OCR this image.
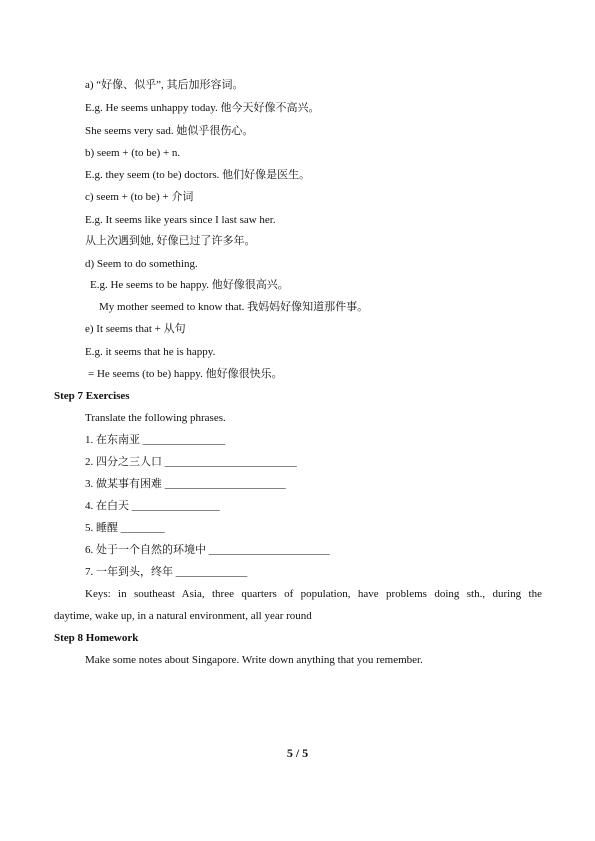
a) “好像、似乎”, 其后加形容词。
E.g. He seems unhappy today. 他今天好像不高兴。
She seems very sad. 她似乎很伤心。
b) seem + (to be) + n.
E.g. they seem (to be) doctors. 他们好像是医生。
c) seem + (to be) + 介词
E.g. It seems like years since I last saw her.
从上次遇到她, 好像已过了许多年。
d) Seem to do something.
E.g. He seems to be happy. 他好像很高兴。
My mother seemed to know that. 我妈妈好像知道那件事。
e) It seems that + 从句
E.g. it seems that he is happy.
= He seems (to be) happy. 他好像很快乐。
Step 7 Exercises
Translate the following phrases.
1. 在东南亚 _______________
2. 四分之三人口 ________________________
3. 做某事有困难 ______________________
4. 在白天 ________________
5. 睡醒 ________
6. 处于一个自然的环境中 ______________________
7. 一年到头，终年 _____________
Keys: in southeast Asia, three quarters of population, have problems doing sth., during the
daytime, wake up, in a natural environment, all year round
Step 8 Homework
Make some notes about Singapore. Write down anything that you remember.
5 / 5
